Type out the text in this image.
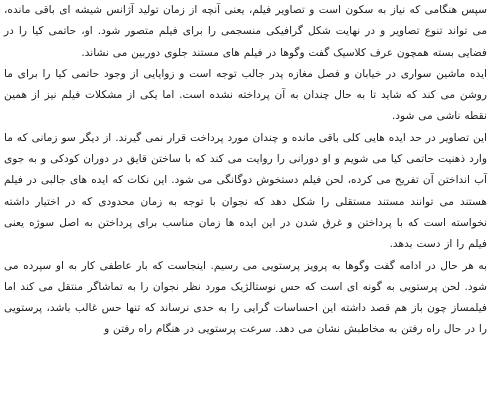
سپس هنگامی که نیاز به سکون است و تصاویر فیلم، یعنی آنچه از زمان تولید آژانس شیشه ای باقی مانده، می تواند تنوع تصاویر و در نهایت شکل گرافیکی منسجمی را برای فیلم متصور شود. او، حاتمی کیا را در فضایی بسته همچون عرف کلاسیک گفت وگوها در فیلم های مستند جلوی دوربین می نشاند.

ایده ماشین سواری در خیابان و فصل مغازه پدر جالب توجه است و زوایایی از وجود حاتمی کیا را برای ما روشن می کند که شاید تا به حال چندان به آن پرداخته نشده است. اما یکی از مشکلات فیلم نیز از همین نقطه ناشی می شود.

این تصاویر در حد ایده هایی کلی باقی مانده و چندان مورد پرداخت قرار نمی گیرند. از دیگر سو زمانی که ما وارد ذهنیت حاتمی کیا می شویم و او دورانی را روایت می کند که با ساختن قایق در دوران کودکی و به جوی آب انداختن آن تفریح می کرده، لحن فیلم دستخوش دوگانگی می شود. این نکات که ایده های جالبی در فیلم هستند می توانند مستند مستقلی را شکل دهد که نجوان با توجه به زمان محدودی که در اختیار داشته نخواسته است که با پرداختن و غرق شدن در این ایده ها زمان مناسب برای پرداختن به اصل سوژه یعنی فیلم را از دست بدهد.

به هر حال در ادامه گفت وگوها به پرویز پرستویی می رسیم. اینجاست که بار عاطفی کار به او سپرده می شود. لحن پرستویی به گونه ای است که حس نوستالژیک مورد نظر نجوان را به تماشاگر منتقل می کند اما فیلمساز چون باز هم قصد داشته این احساسات گرایی را به حدی نرساند که تنها حس غالب باشد، پرستویی را در حال راه رفتن به مخاطبش نشان می دهد. سرعت پرستویی در هنگام راه رفتن و
